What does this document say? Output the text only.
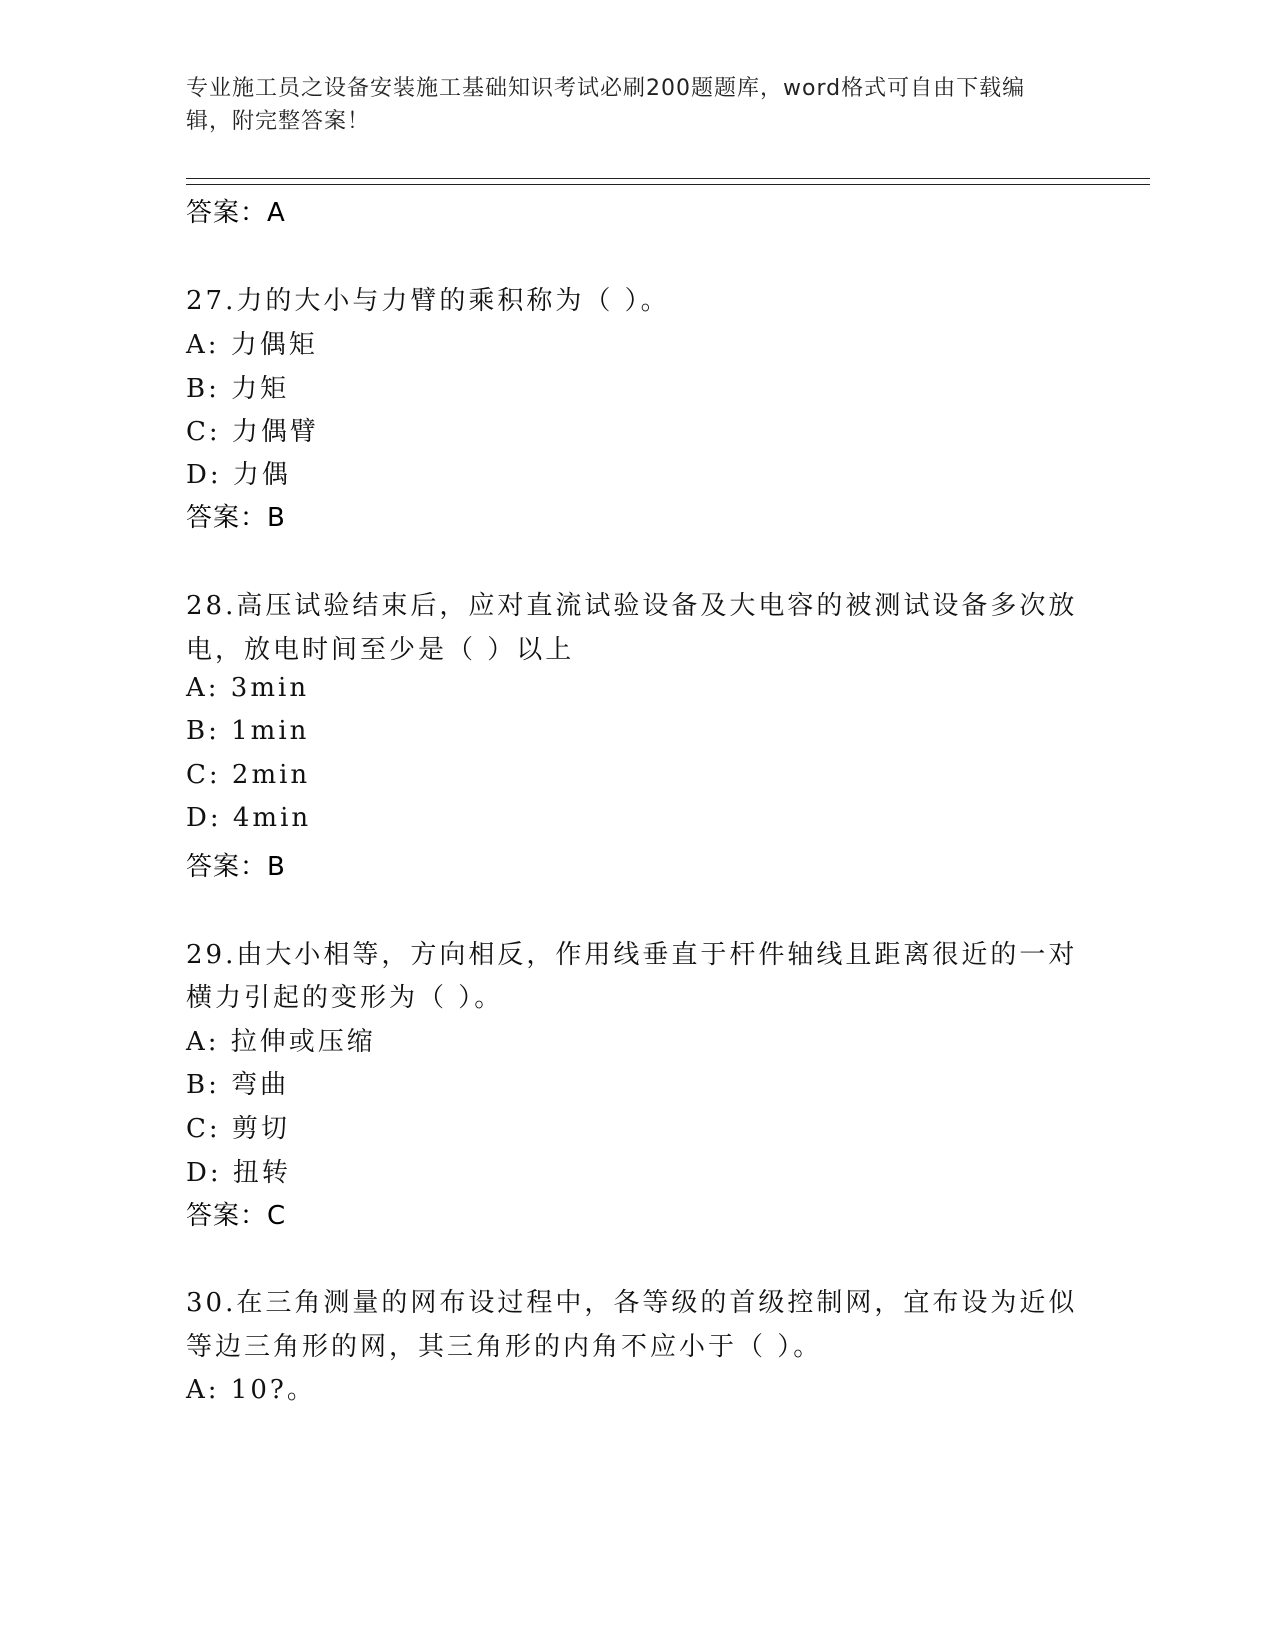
专业施工员之设备安装施工基础知识考试必刷200题题库，word格式可自由下载编辑，附完整答案！
答案：A
27.力的大小与力臂的乘积称为（ ）。
A: 力偶矩
B: 力矩
C: 力偶臂
D: 力偶
答案：B
28.高压试验结束后，应对直流试验设备及大电容的被测试设备多次放
电，放电时间至少是（ ）以上
A: 3min
B: 1min
C: 2min
D: 4min
答案：B
29.由大小相等，方向相反，作用线垂直于杆件轴线且距离很近的一对
横力引起的变形为（ ）。
A: 拉伸或压缩
B: 弯曲
C: 剪切
D: 扭转
答案：C
30.在三角测量的网布设过程中，各等级的首级控制网，宜布设为近似
等边三角形的网，其三角形的内角不应小于（ ）。
A: 10?。
